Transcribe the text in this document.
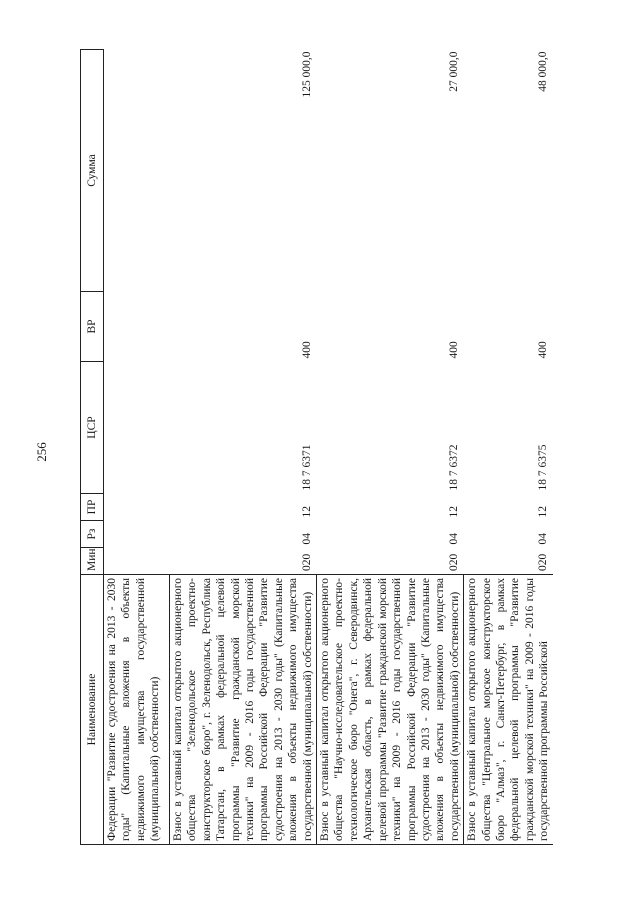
256
Наименование	Мин	Рз	ПР	ЦСР	ВР	Сумма
Федерации "Развитие судостроения на 2013 - 2030 годы" (Капитальные вложения в объекты недвижимого имущества государственной (муниципальной) собственности)						
Взнос в уставный капитал открытого акционерного общества "Зеленодольское проектно-конструкторское бюро", г. Зеленодольск, Республика Татарстан, в рамках федеральной целевой программы "Развитие гражданской морской техники" на 2009 - 2016 годы государственной программы Российской Федерации "Развитие судостроения на 2013 - 2030 годы" (Капитальные вложения в объекты недвижимого имущества государственной (муниципальной) собственности)	020	04	12	18 7 6371	400	125 000,0
Взнос в уставный капитал открытого акционерного общества "Научно-исследовательское проектно-технологическое бюро "Онега", г. Северодвинск, Архангельская область, в рамках федеральной целевой программы "Развитие гражданской морской техники" на 2009 - 2016 годы государственной программы Российской Федерации "Развитие судостроения на 2013 - 2030 годы" (Капитальные вложения в объекты недвижимого имущества государственной (муниципальной) собственности)	020	04	12	18 7 6372	400	27 000,0
Взнос в уставный капитал открытого акционерного общества "Центральное морское конструкторское бюро "Алмаз", г. Санкт-Петербург, в рамках федеральной целевой программы "Развитие гражданской морской техники" на 2009 - 2016 годы государственной программы Российской	020	04	12	18 7 6375	400	48 000,0
